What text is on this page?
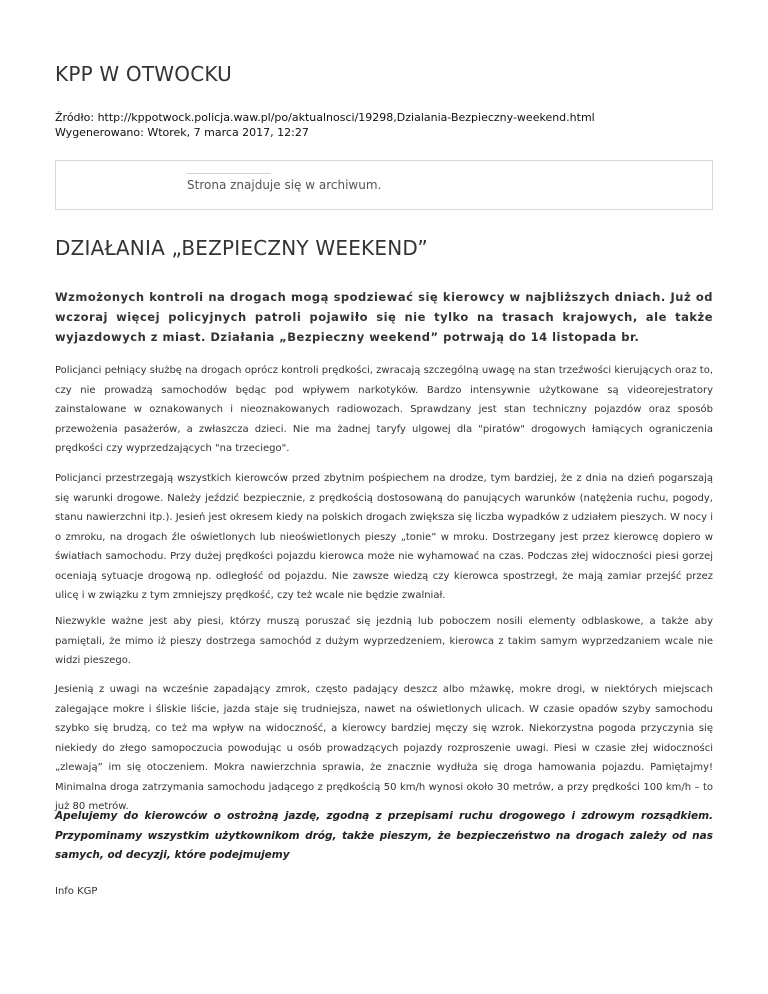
KPP W OTWOCKU
Źródło: http://kppotwock.policja.waw.pl/po/aktualnosci/19298,Dzialania-Bezpieczny-weekend.html
Wygenerowano: Wtorek, 7 marca 2017, 12:27
Strona znajduje się w archiwum.
DZIAŁANIA „BEZPIECZNY WEEKEND”

Wzmożonych kontroli na drogach mogą spodziewać się kierowcy w najbliższych dniach. Już od wczoraj więcej policyjnych patroli pojawiło się nie tylko na trasach krajowych, ale także wyjazdowych z miast. Działania „Bezpieczny weekend” potrwają do 14 listopada br.

Policjanci pełniący służbę na drogach oprócz kontroli prędkości, zwracają szczególną uwagę na stan trzeźwości kierujących oraz to, czy nie prowadzą samochodów będąc pod wpływem narkotyków. Bardzo intensywnie użytkowane są videorejestratory zainstalowane w oznakowanych i nieoznakowanych radiowozach. Sprawdzany jest stan techniczny pojazdów oraz sposób przewożenia pasażerów, a zwłaszcza dzieci. Nie ma żadnej taryfy ulgowej dla "piratów" drogowych łamiących ograniczenia prędkości czy wyprzedzających "na trzeciego".

Policjanci przestrzegają wszystkich kierowców przed zbytnim pośpiechem na drodze, tym bardziej, że z dnia na dzień pogarszają się warunki drogowe. Należy jeździć bezpiecznie, z prędkością dostosowaną do panujących warunków (natężenia ruchu, pogody, stanu nawierzchni itp.). Jesień jest okresem kiedy na polskich drogach zwiększa się liczba wypadków z udziałem pieszych. W nocy i o zmroku, na drogach źle oświetlonych lub nieoświetlonych pieszy „tonie” w mroku. Dostrzegany jest przez kierowcę dopiero w światłach samochodu. Przy dużej prędkości pojazdu kierowca może nie wyhamować na czas. Podczas złej widoczności piesi gorzej oceniają sytuacje drogową np. odległość od pojazdu. Nie zawsze wiedzą czy kierowca spostrzegł, że mają zamiar przejść przez ulicę i w związku z tym zmniejszy prędkość, czy też wcale nie będzie zwalniał.

Niezwykle ważne jest aby piesi, którzy muszą poruszać się jezdnią lub poboczem nosili elementy odblaskowe, a także aby pamiętali, że mimo iż pieszy dostrzega samochód z dużym wyprzedzeniem, kierowca z takim samym wyprzedzaniem wcale nie widzi pieszego.

Jesienią z uwagi na wcześnie zapadający zmrok, często padający deszcz albo mżawkę, mokre drogi, w niektórych miejscach zalegające mokre i śliskie liście, jazda staje się trudniejsza, nawet na oświetlonych ulicach. W czasie opadów szyby samochodu szybko się brudzą, co też ma wpływ na widoczność, a kierowcy bardziej męczy się wzrok. Niekorzystna pogoda przyczynia się niekiedy do złego samopoczucia powodując u osób prowadzących pojazdy rozproszenie uwagi. Piesi w czasie złej widoczności „zlewają” im się otoczeniem. Mokra nawierzchnia sprawia, że znacznie wydłuża się droga hamowania pojazdu. Pamiętajmy! Minimalna droga zatrzymania samochodu jadącego z prędkością 50 km/h wynosi około 30 metrów, a przy prędkości 100 km/h – to już 80 metrów.

Apelujemy do kierowców o ostrożną jazdę, zgodną z przepisami ruchu drogowego i zdrowym rozsądkiem. Przypominamy wszystkim użytkownikom dróg, także pieszym, że bezpieczeństwo na drogach zależy od nas samych, od decyzji, które podejmujemy

Info KGP
